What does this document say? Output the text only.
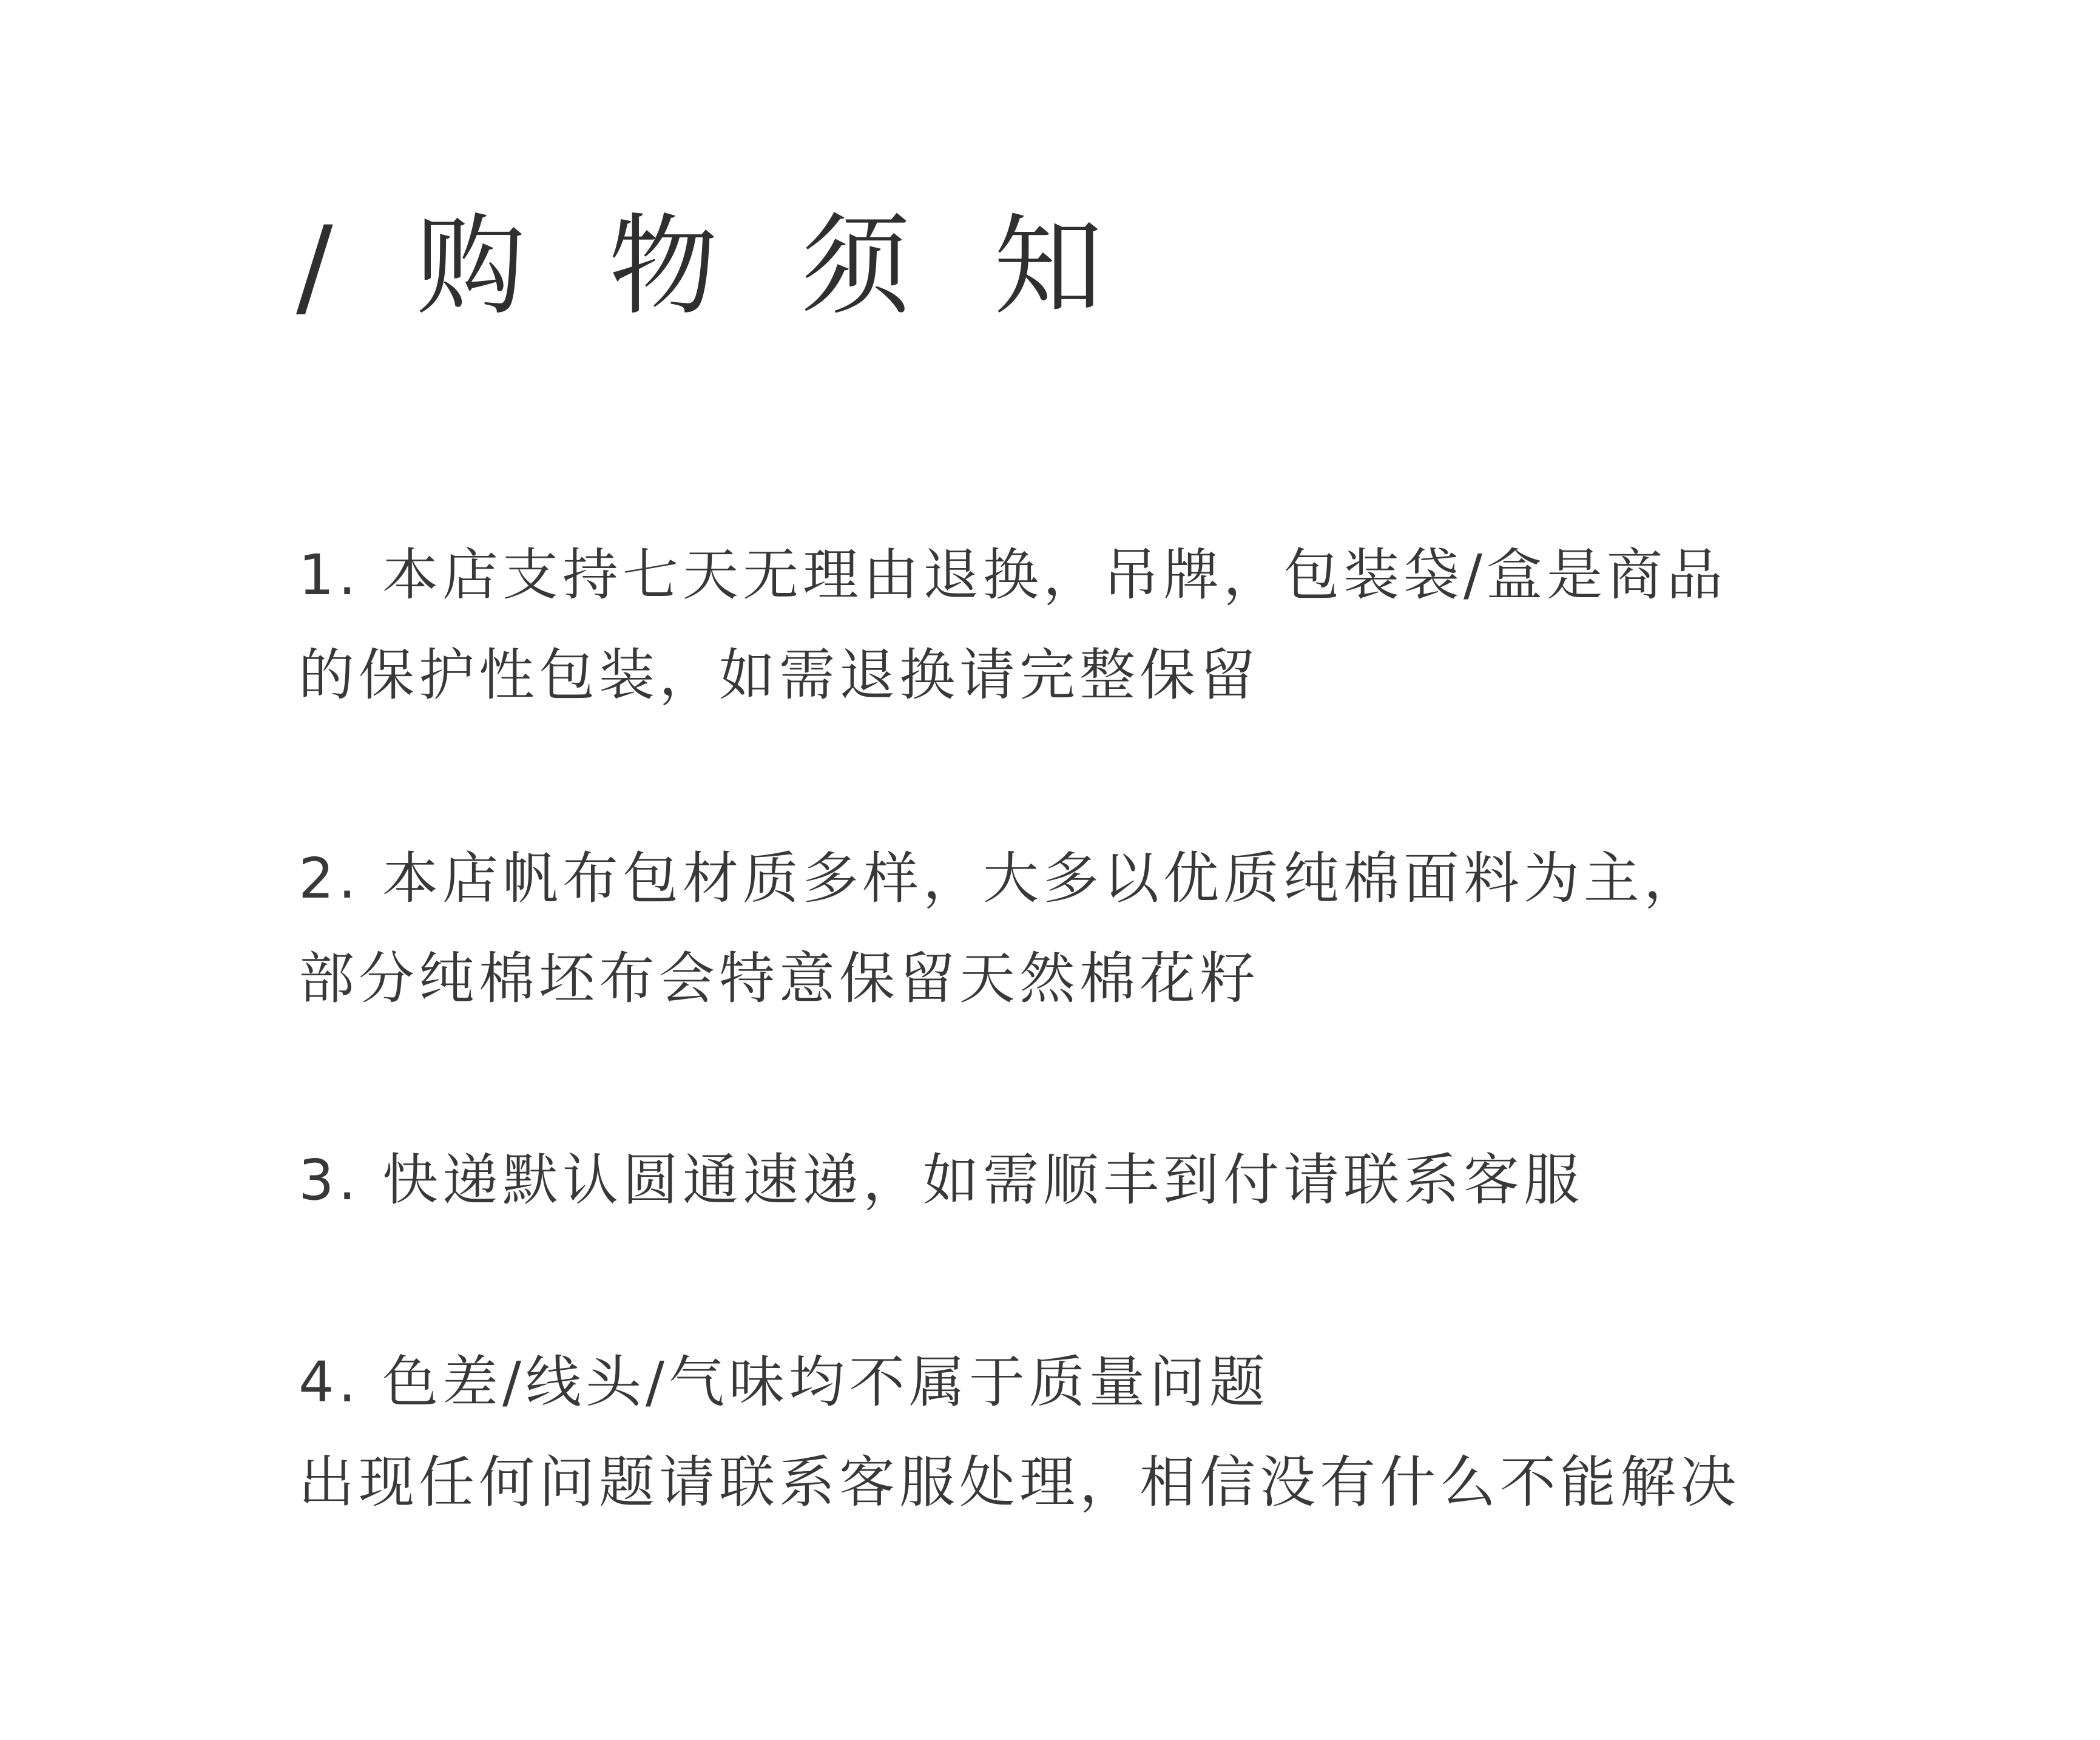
/ 购 物 须 知

1. 本店支持七天无理由退换，吊牌，包装袋/盒是商品

的保护性包装，如需退换请完整保留

2. 本店帆布包材质多样，大多以优质纯棉面料为主，

部分纯棉坯布会特意保留天然棉花籽

3. 快递默认圆通速递，如需顺丰到付请联系客服

4. 色差/线头/气味均不属于质量问题

出现任何问题请联系客服处理，相信没有什么不能解决
